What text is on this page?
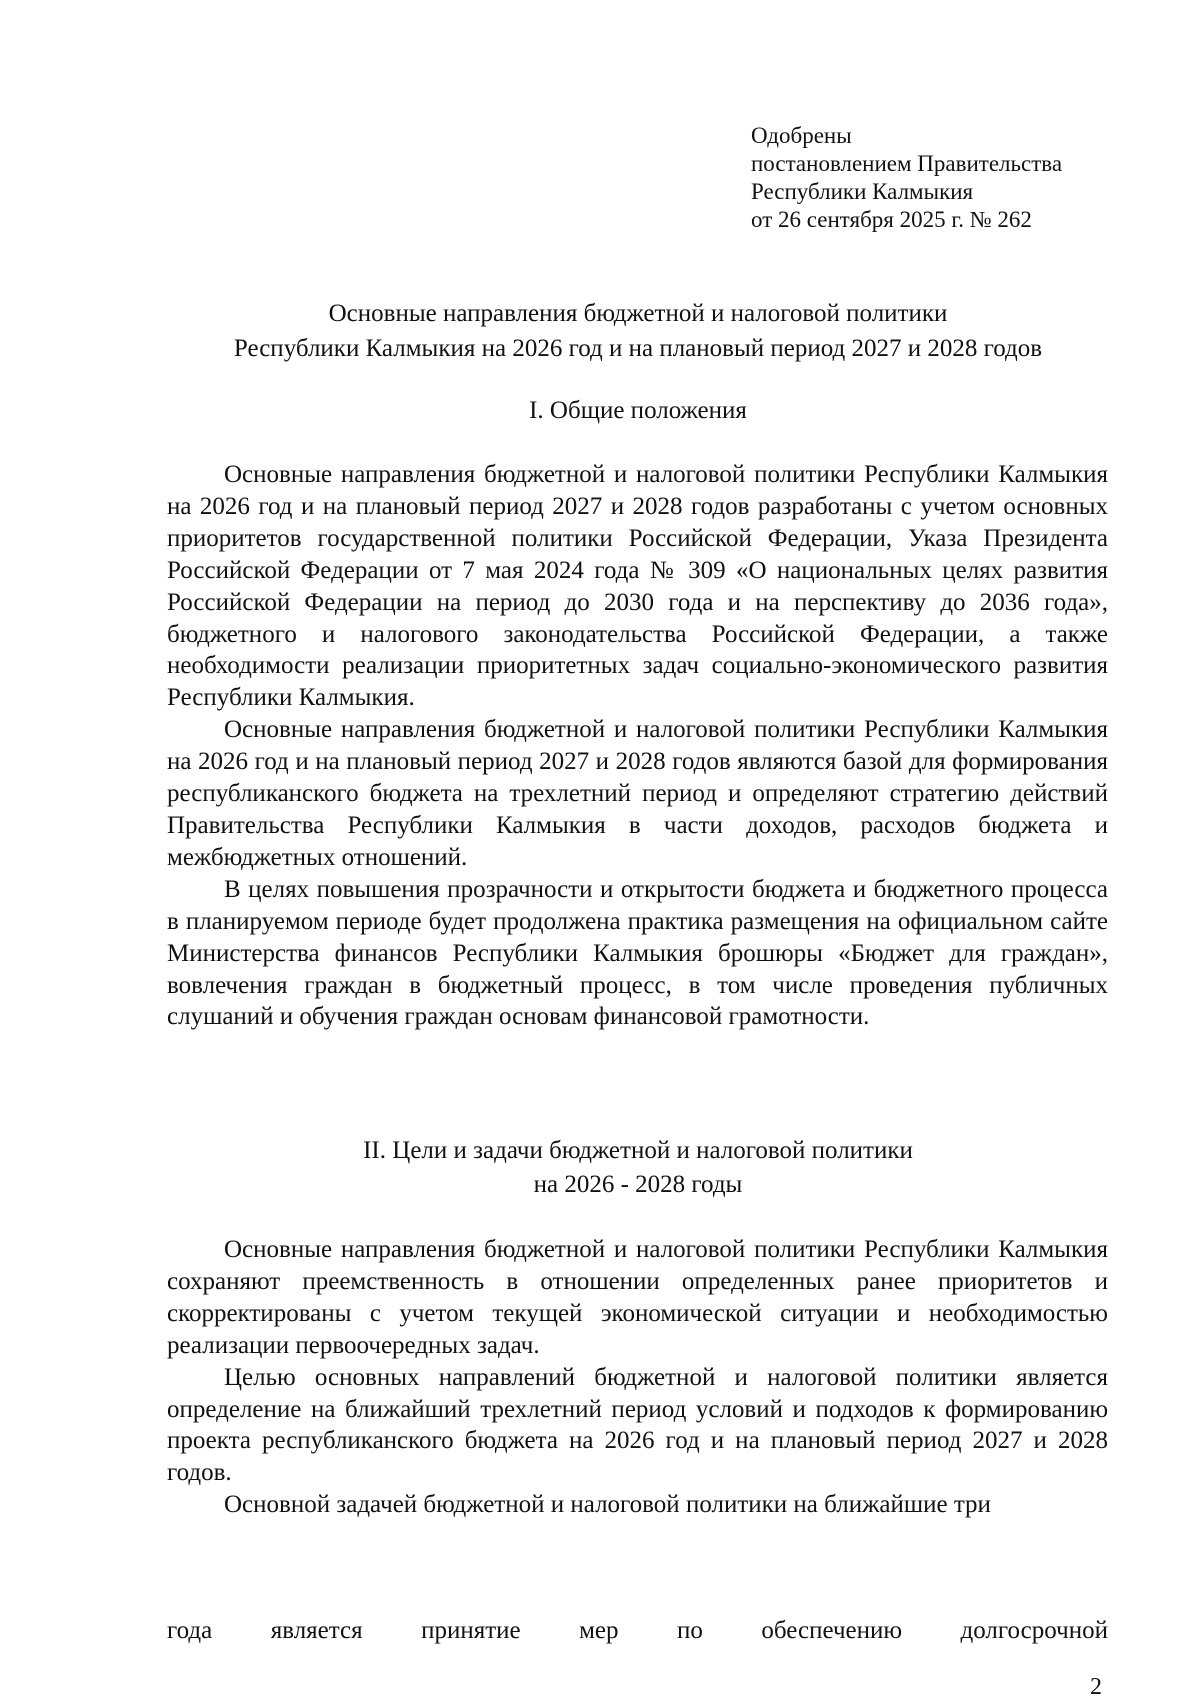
Одобрены
постановлением Правительства
Республики Калмыкия
от 26 сентября 2025 г. № 262
Основные направления бюджетной и налоговой политики
Республики Калмыкия на 2026 год и на плановый период 2027 и 2028 годов
I. Общие положения

Основные направления бюджетной и налоговой политики Республики Калмыкия на 2026 год и на плановый период 2027 и 2028 годов разработаны с учетом основных приоритетов государственной политики Российской Федерации, Указа Президента Российской Федерации от 7 мая 2024 года № 309 «О национальных целях развития Российской Федерации на период до 2030 года и на перспективу до 2036 года», бюджетного и налогового законодательства Российской Федерации, а также необходимости реализации приоритетных задач социально-экономического развития Республики Калмыкия.

Основные направления бюджетной и налоговой политики Республики Калмыкия на 2026 год и на плановый период 2027 и 2028 годов являются базой для формирования республиканского бюджета на трехлетний период и определяют стратегию действий Правительства Республики Калмыкия в части доходов, расходов бюджета и межбюджетных отношений.

В целях повышения прозрачности и открытости бюджета и бюджетного процесса в планируемом периоде будет продолжена практика размещения на официальном сайте Министерства финансов Республики Калмыкия брошюры «Бюджет для граждан», вовлечения граждан в бюджетный процесс, в том числе проведения публичных слушаний и обучения граждан основам финансовой грамотности.

II. Цели и задачи бюджетной и налоговой политики
на 2026 - 2028 годы

Основные направления бюджетной и налоговой политики Республики Калмыкия сохраняют преемственность в отношении определенных ранее приоритетов и скорректированы с учетом текущей экономической ситуации и необходимостью реализации первоочередных задач.

Целью основных направлений бюджетной и налоговой политики является определение на ближайший трехлетний период условий и подходов к формированию проекта республиканского бюджета на 2026 год и на плановый период 2027 и 2028 годов.

Основной задачей бюджетной и налоговой политики на ближайшие три

года является принятие мер по обеспечению долгосрочной
2
